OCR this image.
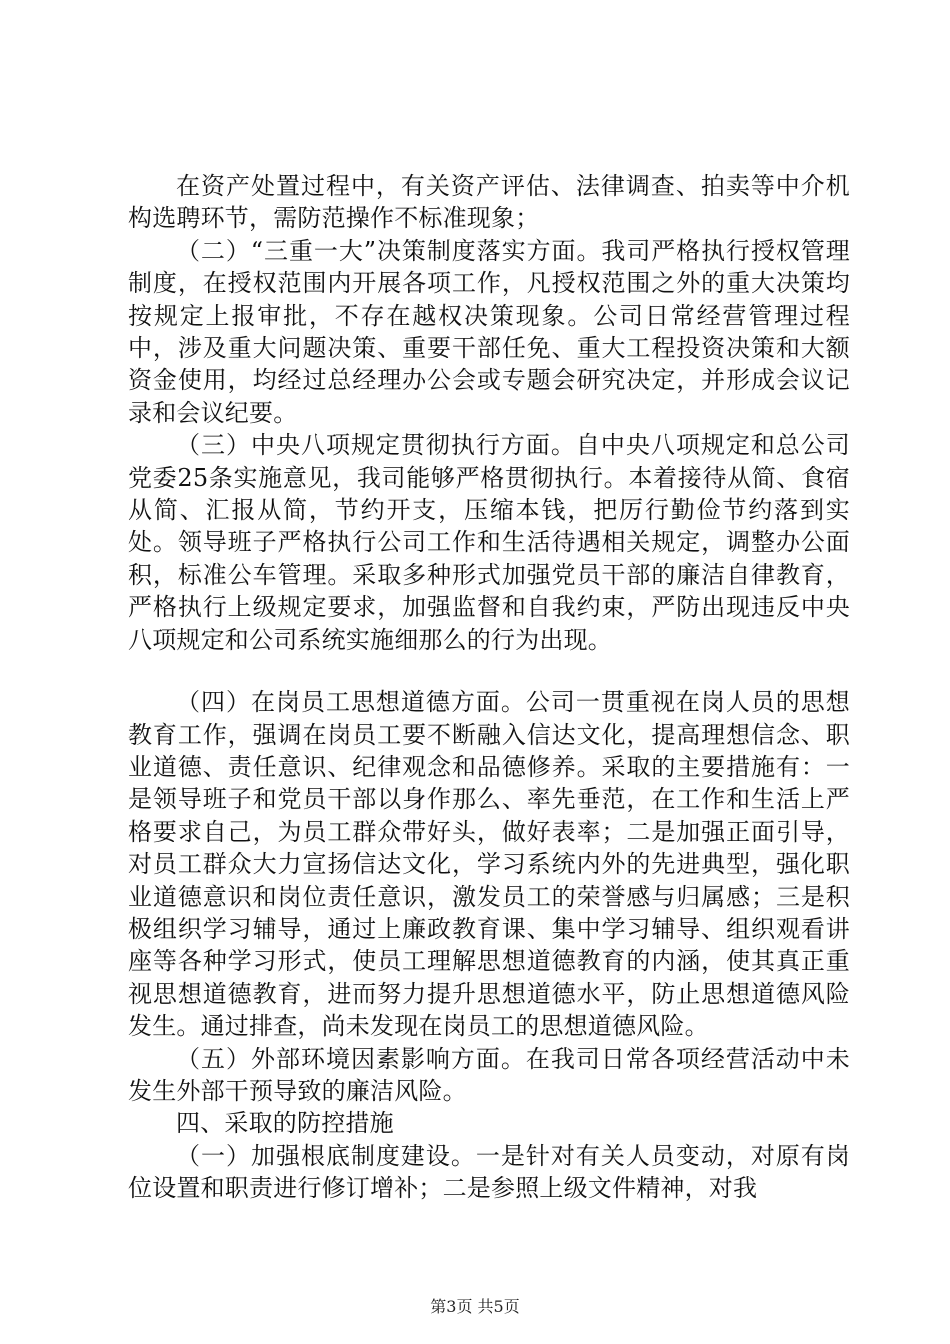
在资产处置过程中，有关资产评估、法律调查、拍卖等中介机构选聘环节，需防范操作不标准现象；

（二）“三重一大”决策制度落实方面。我司严格执行授权管理制度，在授权范围内开展各项工作，凡授权范围之外的重大决策均按规定上报审批，不存在越权决策现象。公司日常经营管理过程中，涉及重大问题决策、重要干部任免、重大工程投资决策和大额资金使用，均经过总经理办公会或专题会研究决定，并形成会议记录和会议纪要。

（三）中央八项规定贯彻执行方面。自中央八项规定和总公司党委25条实施意见，我司能够严格贯彻执行。本着接待从简、食宿从简、汇报从简，节约开支，压缩本钱，把厉行勤俭节约落到实处。领导班子严格执行公司工作和生活待遇相关规定，调整办公面积，标准公车管理。采取多种形式加强党员干部的廉洁自律教育，严格执行上级规定要求，加强监督和自我约束，严防出现违反中央八项规定和公司系统实施细那么的行为出现。

（四）在岗员工思想道德方面。公司一贯重视在岗人员的思想教育工作，强调在岗员工要不断融入信达文化，提高理想信念、职业道德、责任意识、纪律观念和品德修养。采取的主要措施有：一是领导班子和党员干部以身作那么、率先垂范，在工作和生活上严格要求自己，为员工群众带好头，做好表率；二是加强正面引导，对员工群众大力宣扬信达文化，学习系统内外的先进典型，强化职业道德意识和岗位责任意识，激发员工的荣誉感与归属感；三是积极组织学习辅导，通过上廉政教育课、集中学习辅导、组织观看讲座等各种学习形式，使员工理解思想道德教育的内涵，使其真正重视思想道德教育，进而努力提升思想道德水平，防止思想道德风险发生。通过排查，尚未发现在岗员工的思想道德风险。

（五）外部环境因素影响方面。在我司日常各项经营活动中未发生外部干预导致的廉洁风险。

四、采取的防控措施

（一）加强根底制度建设。一是针对有关人员变动，对原有岗位设置和职责进行修订增补；二是参照上级文件精神，对我

第3页 共5页
